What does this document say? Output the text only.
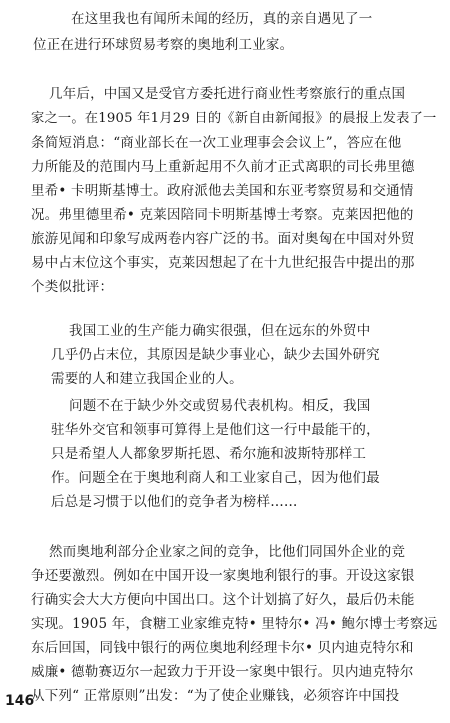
在这里我也有闻所未闻的经历，真的亲自遇见了一
位正在进行环球贸易考察的奥地利工业家。
几年后，中国又是受官方委托进行商业性考察旅行的重点国
家之一。在1905 年1月29 日的《新自由新闻报》的晨报上发表了一
条简短消息：“商业部长在一次工业理事会会议上”，答应在他
力所能及的范围内马上重新起用不久前才正式离职的司长弗里德
里希• 卡明斯基博士。政府派他去美国和东亚考察贸易和交通情
况。弗里德里希• 克莱因陪同卡明斯基博士考察。克莱因把他的
旅游见闻和印象写成两卷内容广泛的书。面对奥匈在中国对外贸
易中占末位这个事实，克莱因想起了在十九世纪报告中提出的那
个类似批评：
我国工业的生产能力确实很强，但在远东的外贸中
几乎仍占末位，其原因是缺少事业心，缺少去国外研究
需要的人和建立我国企业的人。
问题不在于缺少外交或贸易代表机构。相反，我国
驻华外交官和领事可算得上是他们这一行中最能干的，
只是希望人人都象罗斯托恩、希尔施和波斯特那样工
作。问题全在于奥地利商人和工业家自己，因为他们最
后总是习惯于以他们的竞争者为榜样……
然而奥地利部分企业家之间的竞争，比他们同国外企业的竞
争还要激烈。例如在中国开设一家奥地利银行的事。开设这家银
行确实会大大方便向中国出口。这个计划搞了好久，最后仍未能
实现。1905 年，食糖工业家维克特• 里特尔• 冯• 鲍尔博士考察远
东后回国，同钱中银行的两位奥地利经理卡尔• 贝内迪克特尔和
威廉• 德勒赛迈尔一起致力于开设一家奥中银行。贝内迪克特尔
从下列“ 正常原则”出发：“为了使企业赚钱，必须容许中国投
146
